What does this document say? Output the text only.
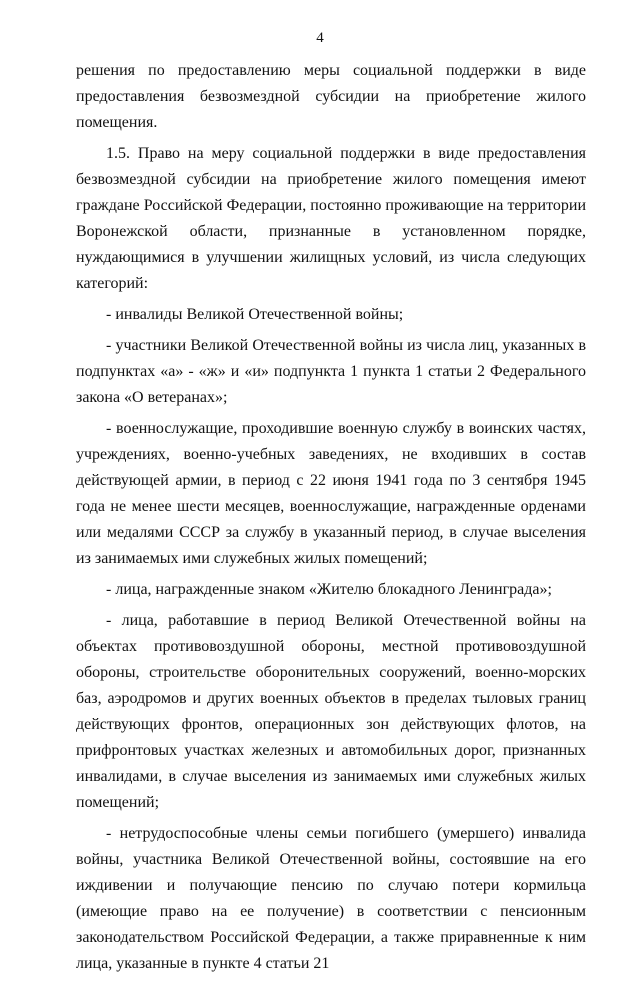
4

решения по предоставлению меры социальной поддержки в виде предоставления безвозмездной субсидии на приобретение жилого помещения.

1.5. Право на меру социальной поддержки в виде предоставления безвозмездной субсидии на приобретение жилого помещения имеют граждане Российской Федерации, постоянно проживающие на территории Воронежской области, признанные в установленном порядке, нуждающимися в улучшении жилищных условий, из числа следующих категорий:

- инвалиды Великой Отечественной войны;

- участники Великой Отечественной войны из числа лиц, указанных в подпунктах «а» - «ж» и «и» подпункта 1 пункта 1 статьи 2 Федерального закона «О ветеранах»;

- военнослужащие, проходившие военную службу в воинских частях, учреждениях, военно-учебных заведениях, не входивших в состав действующей армии, в период с 22 июня 1941 года по 3 сентября 1945 года не менее шести месяцев, военнослужащие, награжденные орденами или медалями СССР за службу в указанный период, в случае выселения из занимаемых ими служебных жилых помещений;

- лица, награжденные знаком «Жителю блокадного Ленинграда»;

- лица, работавшие в период Великой Отечественной войны на объектах противовоздушной обороны, местной противовоздушной обороны, строительстве оборонительных сооружений, военно-морских баз, аэродромов и других военных объектов в пределах тыловых границ действующих фронтов, операционных зон действующих флотов, на прифронтовых участках железных и автомобильных дорог, признанных инвалидами, в случае выселения из занимаемых ими служебных жилых помещений;

- нетрудоспособные члены семьи погибшего (умершего) инвалида войны, участника Великой Отечественной войны, состоявшие на его иждивении и получающие пенсию по случаю потери кормильца (имеющие право на ее получение) в соответствии с пенсионным законодательством Российской Федерации, а также приравненные к ним лица, указанные в пункте 4 статьи 21
